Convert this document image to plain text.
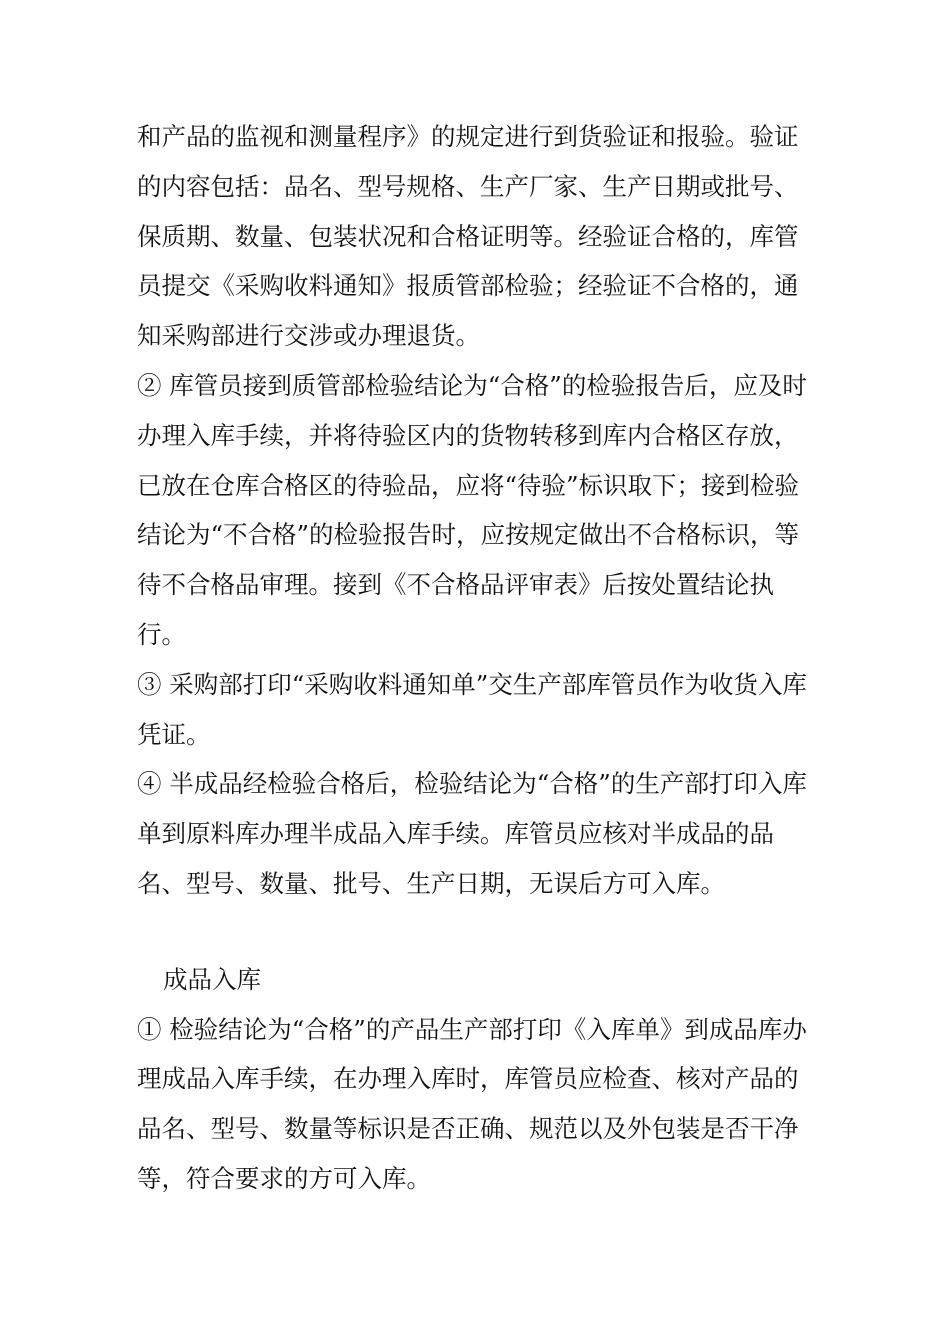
和产品的监视和测量程序》的规定进行到货验证和报验。验证的内容包括：品名、型号规格、生产厂家、生产日期或批号、保质期、数量、包装状况和合格证明等。经验证合格的，库管员提交《采购收料通知》报质管部检验；经验证不合格的，通知采购部进行交涉或办理退货。

② 库管员接到质管部检验结论为“合格”的检验报告后，应及时办理入库手续，并将待验区内的货物转移到库内合格区存放，已放在仓库合格区的待验品，应将“待验”标识取下；接到检验结论为“不合格”的检验报告时，应按规定做出不合格标识，等待不合格品审理。接到《不合格品评审表》后按处置结论执行。

③ 采购部打印“采购收料通知单”交生产部库管员作为收货入库凭证。

④ 半成品经检验合格后，检验结论为“合格”的生产部打印入库单到原料库办理半成品入库手续。库管员应核对半成品的品名、型号、数量、批号、生产日期，无误后方可入库。

成品入库

① 检验结论为“合格”的产品生产部打印《入库单》到成品库办理成品入库手续，在办理入库时，库管员应检查、核对产品的品名、型号、数量等标识是否正确、规范以及外包装是否干净等，符合要求的方可入库。
